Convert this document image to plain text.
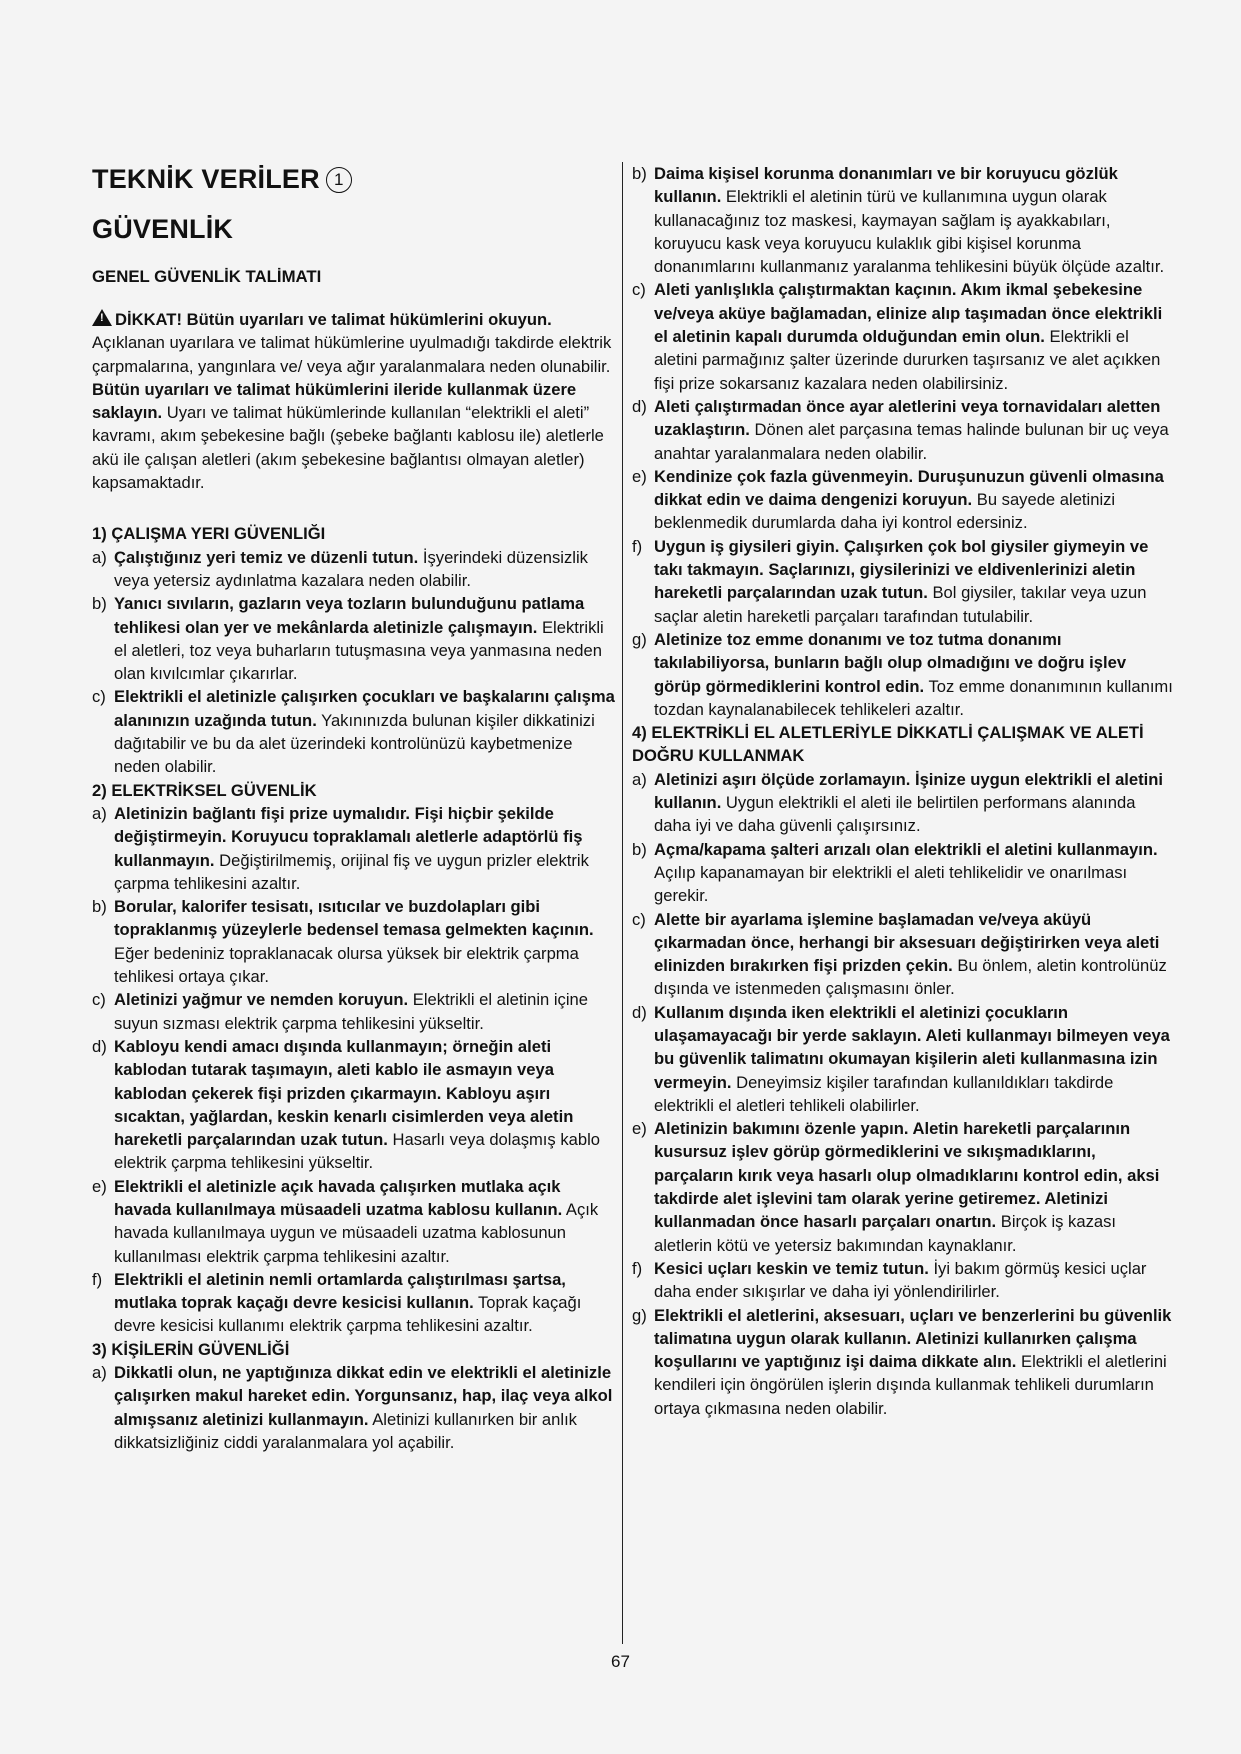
TEKNİK VERİLER 1
GÜVENLİK
GENEL GÜVENLİK TALİMATI

! DİKKAT! Bütün uyarıları ve talimat hükümlerini okuyun. Açıklanan uyarılara ve talimat hükümlerine uyulmadığı takdirde elektrik çarpmalarına, yangınlara ve/ veya ağır yaralanmalara neden olunabilir. Bütün uyarıları ve talimat hükümlerini ileride kullanmak üzere saklayın. Uyarı ve talimat hükümlerinde kullanılan “elektrikli el aleti” kavramı, akım şebekesine bağlı (şebeke bağlantı kablosu ile) aletlerle akü ile çalışan aletleri (akım şebekesine bağlantısı olmayan aletler) kapsamaktadır.

1) ÇALIŞMA YERI GÜVENLIĞI
a) Çalıştığınız yeri temiz ve düzenli tutun. İşyerindeki düzensizlik veya yetersiz aydınlatma kazalara neden olabilir.
b) Yanıcı sıvıların, gazların veya tozların bulunduğunu patlama tehlikesi olan yer ve mekânlarda aletinizle çalışmayın. Elektrikli el aletleri, toz veya buharların tutuşmasına veya yanmasına neden olan kıvılcımlar çıkarırlar.
c) Elektrikli el aletinizle çalışırken çocukları ve başkalarını çalışma alanınızın uzağında tutun. Yakınınızda bulunan kişiler dikkatinizi dağıtabilir ve bu da alet üzerindeki kontrolünüzü kaybetmenize neden olabilir.
2) ELEKTRİKSEL GÜVENLİK
a) Aletinizin bağlantı fişi prize uymalıdır. Fişi hiçbir şekilde değiştirmeyin. Koruyucu topraklamalı aletlerle adaptörlü fiş kullanmayın. Değiştirilmemiş, orijinal fiş ve uygun prizler elektrik çarpma tehlikesini azaltır.
b) Borular, kalorifer tesisatı, ısıtıcılar ve buzdolapları gibi topraklanmış yüzeylerle bedensel temasa gelmekten kaçının. Eğer bedeniniz topraklanacak olursa yüksek bir elektrik çarpma tehlikesi ortaya çıkar.
c) Aletinizi yağmur ve nemden koruyun. Elektrikli el aletinin içine suyun sızması elektrik çarpma tehlikesini yükseltir.
d) Kabloyu kendi amacı dışında kullanmayın; örneğin aleti kablodan tutarak taşımayın, aleti kablo ile asmayın veya kablodan çekerek fişi prizden çıkarmayın. Kabloyu aşırı sıcaktan, yağlardan, keskin kenarlı cisimlerden veya aletin hareketli parçalarından uzak tutun. Hasarlı veya dolaşmış kablo elektrik çarpma tehlikesini yükseltir.
e) Elektrikli el aletinizle açık havada çalışırken mutlaka açık havada kullanılmaya müsaadeli uzatma kablosu kullanın. Açık havada kullanılmaya uygun ve müsaadeli uzatma kablosunun kullanılması elektrik çarpma tehlikesini azaltır.
f) Elektrikli el aletinin nemli ortamlarda çalıştırılması şartsa, mutlaka toprak kaçağı devre kesicisi kullanın. Toprak kaçağı devre kesicisi kullanımı elektrik çarpma tehlikesini azaltır.
3) KİŞİLERİN GÜVENLİĞİ
a) Dikkatli olun, ne yaptığınıza dikkat edin ve elektrikli el aletinizle çalışırken makul hareket edin. Yorgunsanız, hap, ilaç veya alkol almışsanız aletinizi kullanmayın. Aletinizi kullanırken bir anlık dikkatsizliğiniz ciddi yaralanmalara yol açabilir.
b) Daima kişisel korunma donanımları ve bir koruyucu gözlük kullanın. Elektrikli el aletinin türü ve kullanımına uygun olarak kullanacağınız toz maskesi, kaymayan sağlam iş ayakkabıları, koruyucu kask veya koruyucu kulaklık gibi kişisel korunma donanımlarını kullanmanız yaralanma tehlikesini büyük ölçüde azaltır.
c) Aleti yanlışlıkla çalıştırmaktan kaçının. Akım ikmal şebekesine ve/veya aküye bağlamadan, elinize alıp taşımadan önce elektrikli el aletinin kapalı durumda olduğundan emin olun. Elektrikli el aletini parmağınız şalter üzerinde dururken taşırsanız ve alet açıkken fişi prize sokarsanız kazalara neden olabilirsiniz.
d) Aleti çalıştırmadan önce ayar aletlerini veya tornavidaları aletten uzaklaştırın. Dönen alet parçasına temas halinde bulunan bir uç veya anahtar yaralanmalara neden olabilir.
e) Kendinize çok fazla güvenmeyin. Duruşunuzun güvenli olmasına dikkat edin ve daima dengenizi koruyun. Bu sayede aletinizi beklenmedik durumlarda daha iyi kontrol edersiniz.
f) Uygun iş giysileri giyin. Çalışırken çok bol giysiler giymeyin ve takı takmayın. Saçlarınızı, giysilerinizi ve eldivenlerinizi aletin hareketli parçalarından uzak tutun. Bol giysiler, takılar veya uzun saçlar aletin hareketli parçaları tarafından tutulabilir.
g) Aletinize toz emme donanımı ve toz tutma donanımı takılabiliyorsa, bunların bağlı olup olmadığını ve doğru işlev görüp görmediklerini kontrol edin. Toz emme donanımının kullanımı tozdan kaynalanabilecek tehlikeleri azaltır.
4) ELEKTRİKLİ EL ALETLERİYLE DİKKATLİ ÇALIŞMAK VE ALETİ DOĞRU KULLANMAK
a) Aletinizi aşırı ölçüde zorlamayın. İşinize uygun elektrikli el aletini kullanın. Uygun elektrikli el aleti ile belirtilen performans alanında daha iyi ve daha güvenli çalışırsınız.
b) Açma/kapama şalteri arızalı olan elektrikli el aletini kullanmayın. Açılıp kapanamayan bir elektrikli el aleti tehlikelidir ve onarılması gerekir.
c) Alette bir ayarlama işlemine başlamadan ve/veya aküyü çıkarmadan önce, herhangi bir aksesuarı değiştirirken veya aleti elinizden bırakırken fişi prizden çekin. Bu önlem, aletin kontrolünüz dışında ve istenmeden çalışmasını önler.
d) Kullanım dışında iken elektrikli el aletinizi çocukların ulaşamayacağı bir yerde saklayın. Aleti kullanmayı bilmeyen veya bu güvenlik talimatını okumayan kişilerin aleti kullanmasına izin vermeyin. Deneyimsiz kişiler tarafından kullanıldıkları takdirde elektrikli el aletleri tehlikeli olabilirler.
e) Aletinizin bakımını özenle yapın. Aletin hareketli parçalarının kusursuz işlev görüp görmediklerini ve sıkışmadıklarını, parçaların kırık veya hasarlı olup olmadıklarını kontrol edin, aksi takdirde alet işlevini tam olarak yerine getiremez. Aletinizi kullanmadan önce hasarlı parçaları onartın. Birçok iş kazası aletlerin kötü ve yetersiz bakımından kaynaklanır.
f) Kesici uçları keskin ve temiz tutun. İyi bakım görmüş kesici uçlar daha ender sıkışırlar ve daha iyi yönlendirilirler.
g) Elektrikli el aletlerini, aksesuarı, uçları ve benzerlerini bu güvenlik talimatına uygun olarak kullanın. Aletinizi kullanırken çalışma koşullarını ve yaptığınız işi daima dikkate alın. Elektrikli el aletlerini kendileri için öngörülen işlerin dışında kullanmak tehlikeli durumların ortaya çıkmasına neden olabilir.
67
